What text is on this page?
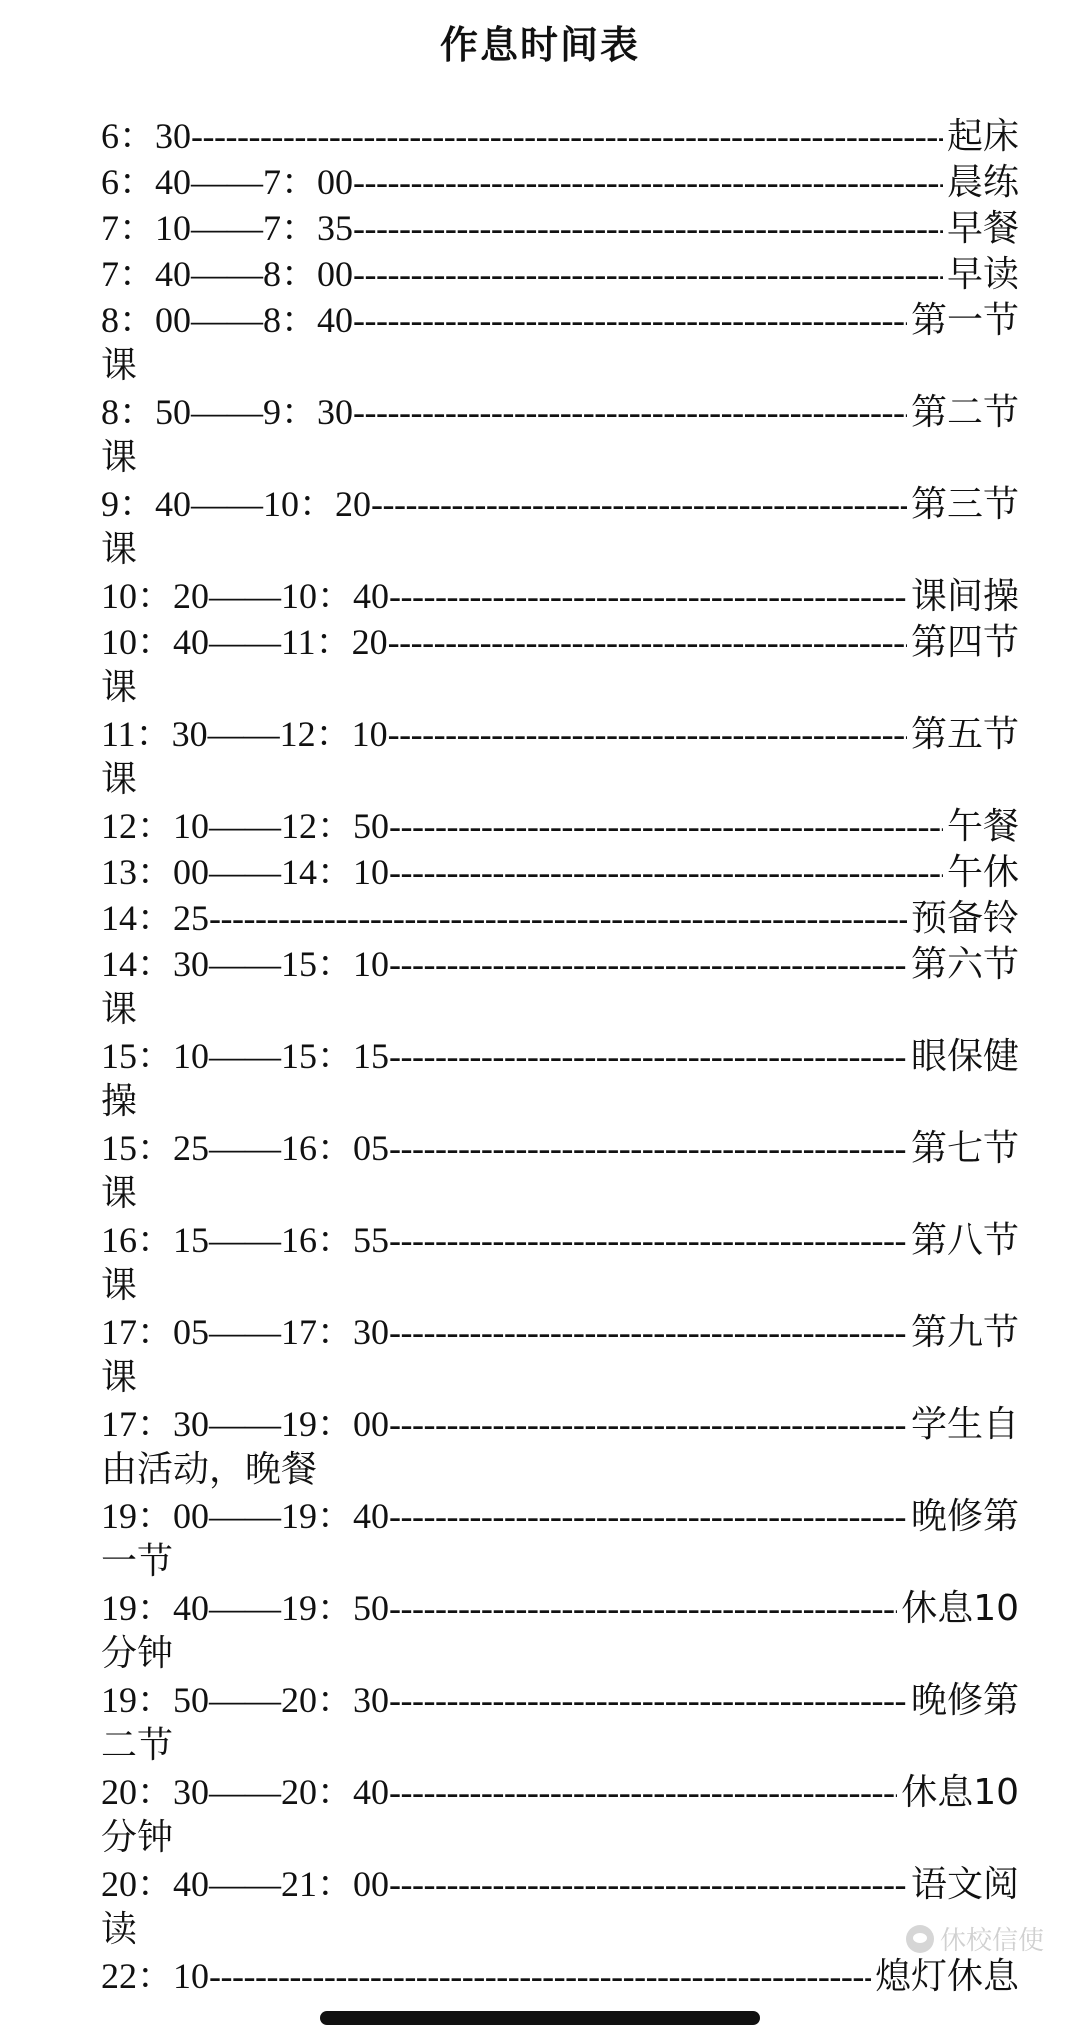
作息时间表
6：30 -----	起床
6：40——7：00 -----	晨练
7：10——7：35 -----	早餐
7：40——8：00 -----	早读
8：00——8：40 -----	第一节
课
8：50——9：30 -----	第二节
课
9：40——10：20 -----	第三节
课
10：20——10：40 -----	课间操
10：40——11：20 -----	第四节
课
11：30——12：10 -----	第五节
课
12：10——12：50 -----	午餐
13：00——14：10 -----	午休
14：25 -----	预备铃
14：30——15：10 -----	第六节
课
15：10——15：15 -----	眼保健
操
15：25——16：05 -----	第七节
课
16：15——16：55 -----	第八节
课
17：05——17：30 -----	第九节
课
17：30——19：00 -----	学生自
由活动，晚餐
19：00——19：40 -----	晚修第
一节
19：40——19：50 -----	休息10
分钟
19：50——20：30 -----	晚修第
二节
20：30——20：40 -----	休息10
分钟
20：40——21：00 -----	语文阅
读
22：10 -----	熄灯休息
休校信使
